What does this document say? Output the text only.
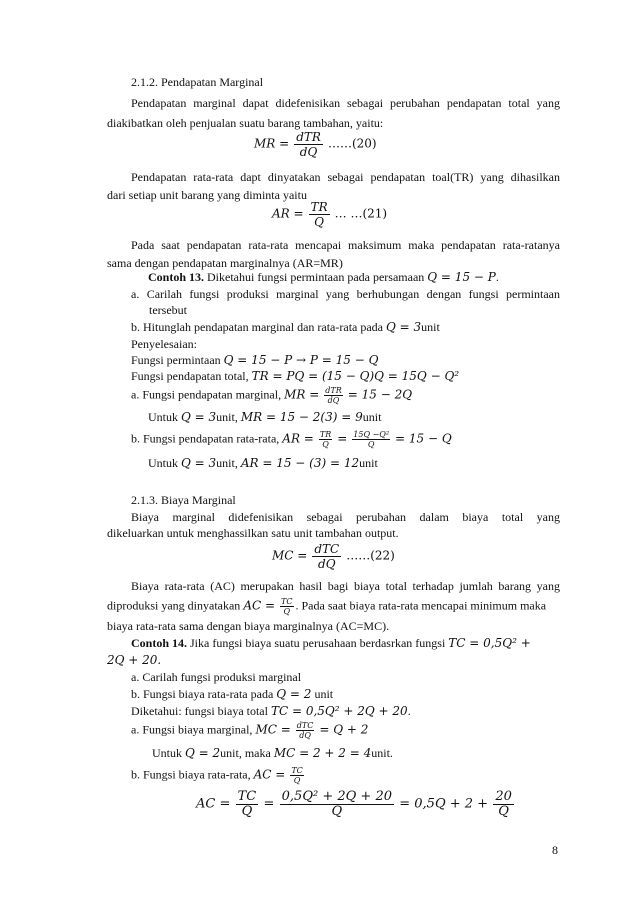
2.1.2. Pendapatan Marginal
Pendapatan marginal dapat didefenisikan sebagai perubahan pendapatan total yang
diakibatkan oleh penjualan suatu barang tambahan, yaitu:
MR = $\frac{\text{dTR}}{dQ}$ ……(20)
Pendapatan rata-rata dapt dinyatakan sebagai pendapatan toal(TR) yang dihasilkan
dari setiap unit barang yang diminta yaitu
AR = $\frac{TR}{Q}$ … …(21)
Pada saat pendapatan rata-rata mencapai maksimum maka pendapatan rata-ratanya
sama dengan pendapatan marginalnya (AR=MR)
Contoh 13. Diketahui fungsi permintaan pada persamaan Q = 15 − P.
a. Carilah fungsi produksi marginal yang berhubungan dengan fungsi permintaan
tersebut
b. Hitunglah pendapatan marginal dan rata-rata pada Q = 3unit
Penyelesaian:
Fungsi permintaan Q = 15 − P → P = 15 − Q
Fungsi pendapatan total, TR = PQ = (15 − Q)Q = 15Q − Q²
a. Fungsi pendapatan marginal, MR = $\frac{\text{dTR}}{dQ} = 15 - 2Q$
Untuk Q = 3unit, MR = 15 − 2(3) = 9unit
b. Fungsi pendapatan rata-rata, AR = $\frac{TR}{Q} = \frac{\text{15Q −Q²}}{Q} = 15 - Q$
Untuk Q = 3unit, AR = 15 − (3) = 12unit
2.1.3. Biaya Marginal
Biaya marginal didefenisikan sebagai perubahan dalam biaya total yang
dikeluarkan untuk menghassilkan satu unit tambahan output.
MC = $\frac{\text{dTC}}{dQ}$ ……(22)
Biaya rata-rata (AC) merupakan hasil bagi biaya total terhadap jumlah barang yang
diproduksi yang dinyatakan AC = $\frac{TC}{Q}$ . Pada saat biaya rata-rata mencapai minimum maka
biaya rata-rata sama dengan biaya marginalnya (AC=MC).
Contoh 14. Jika fungsi biaya suatu perusahaan berdasrkan fungsi TC = 0,5Q² +
2Q + 20.
a. Carilah fungsi produksi marginal
b. Fungsi biaya rata-rata pada Q = 2 unit
Diketahui: fungsi biaya total TC = 0,5Q² + 2Q + 20.
a. Fungsi biaya marginal, MC = $\frac{\text{dTC}}{dQ} = Q + 2$
Untuk Q = 2unit, maka MC = 2 + 2 = 4unit.
b. Fungsi biaya rata-rata, AC = $\frac{TC}{Q}$
AC = $\frac{TC}{Q} = \frac{\text{0,5Q² + 2Q + 20}}{Q} = 0,5Q + 2 + \frac{20}{Q}$
8
